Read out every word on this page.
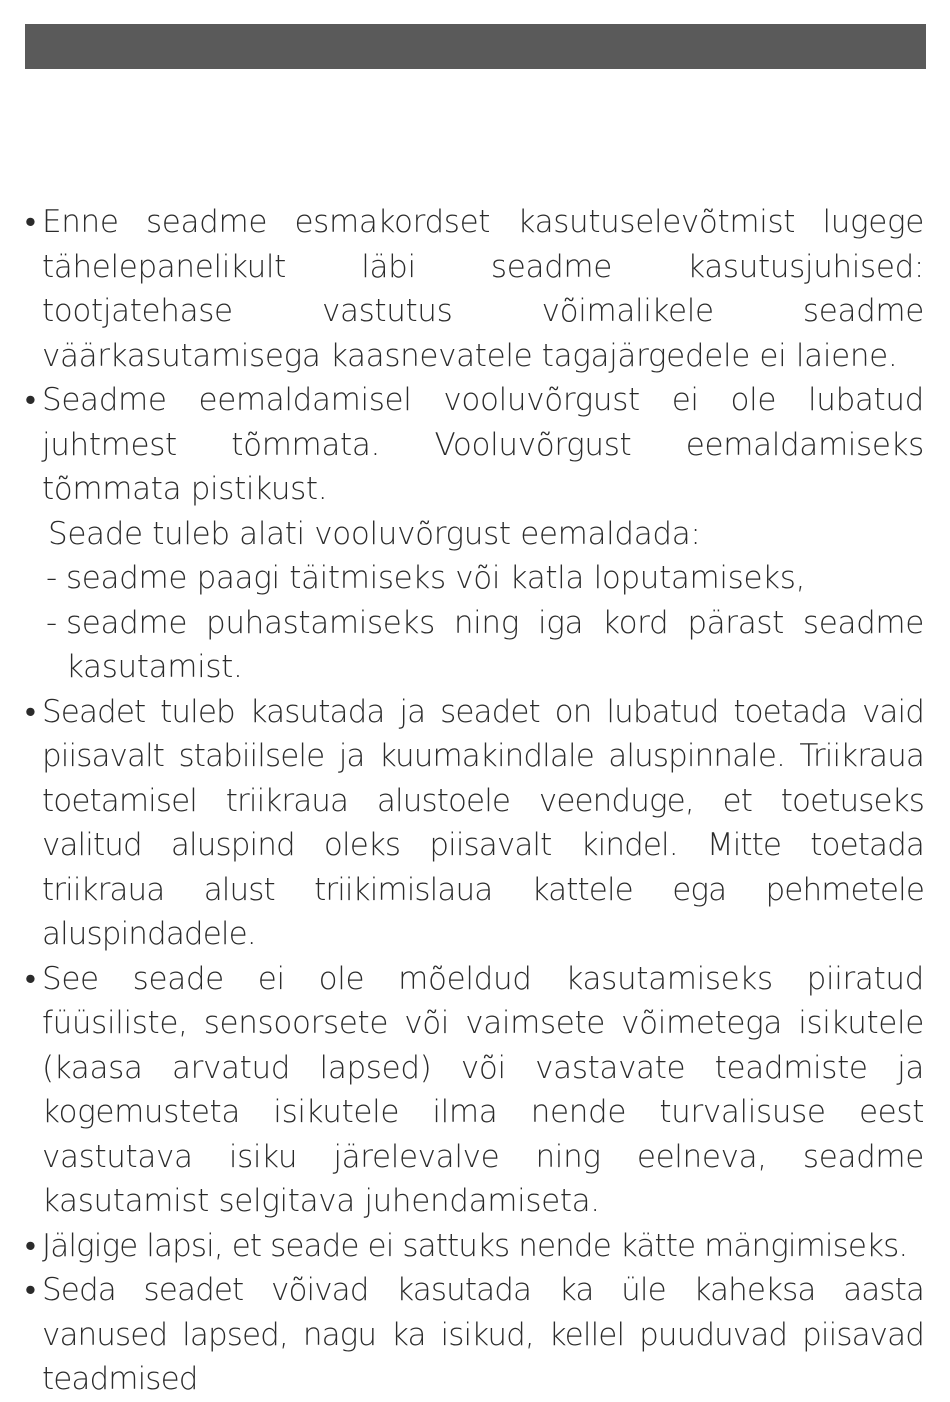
• Enne seadme esmakordset kasutuselevõtmist lugege tähelepanelikult läbi seadme kasutusjuhised: tootjatehase vastutus võimalikele seadme väärkasutamisega kaasnevatele tagajärgedele ei laiene.
• Seadme eemaldamisel vooluvõrgust ei ole lubatud juhtmest tõmmata. Vooluvõrgust eemaldamiseks tõmmata pistikust.
Seade tuleb alati vooluvõrgust eemaldada:
- seadme paagi täitmiseks või katla loputamiseks,
- seadme puhastamiseks ning iga kord pärast seadme kasutamist.
• Seadet tuleb kasutada ja seadet on lubatud toetada vaid piisavalt stabiilsele ja kuumakindlale aluspinnale. Triikraua toetamisel triikraua alustoele veenduge, et toetuseks valitud aluspind oleks piisavalt kindel. Mitte toetada triikraua alust triikimislaua kattele ega pehmetele aluspindadele.
• See seade ei ole mõeldud kasutamiseks piiratud füüsiliste, sensoorsete või vaimsete võimetega isikutele (kaasa arvatud lapsed) või vastavate teadmiste ja kogemusteta isikutele ilma nende turvalisuse eest vastutava isiku järelevalve ning eelneva, seadme kasutamist selgitava juhendamiseta.
• Jälgige lapsi, et seade ei sattuks nende kätte mängimiseks.
• Seda seadet võivad kasutada ka üle kaheksa aasta vanused lapsed, nagu ka isikud, kellel puuduvad piisavad teadmised
